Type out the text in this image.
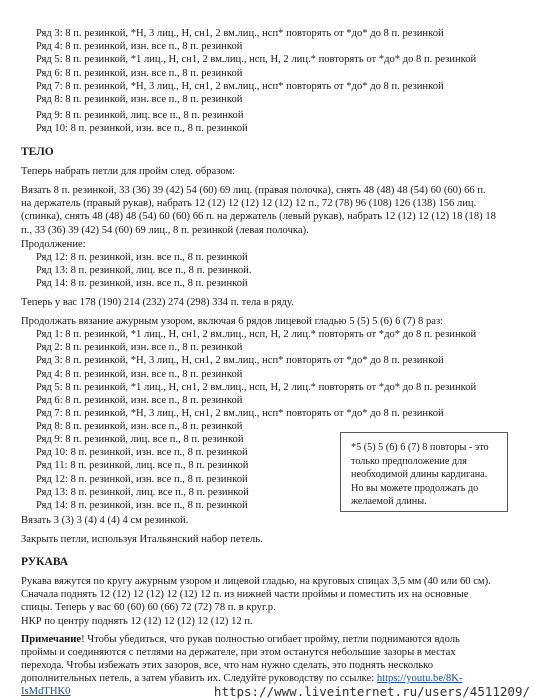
Ряд 3: 8 п. резинкой, *Н, 3 лиц., Н, сн1, 2 вм.лиц., нсп* повторять от *до* до 8 п. резинкой
Ряд 4: 8 п. резинкой, изн. все п., 8 п. резинкой
Ряд 5: 8 п. резинкой, *1 лиц., Н, сн1, 2 вм.лиц., нсп, Н, 2 лиц.* повторять от *до* до 8 п. резинкой
Ряд 6: 8 п. резинкой, изн. все п., 8 п. резинкой
Ряд 7: 8 п. резинкой, *Н, 3 лиц., Н, сн1, 2 вм.лиц., нсп* повторять от *до* до 8 п. резинкой
Ряд 8: 8 п. резинкой, изн. все п., 8 п. резинкой
Ряд 9: 8 п. резинкой, лиц. все п., 8 п. резинкой
Ряд 10: 8 п. резинкой, изн. все п., 8 п. резинкой
ТЕЛО
Теперь набрать петли для пройм след. образом:
Вязать 8 п. резинкой, 33 (36) 39 (42) 54 (60) 69 лиц. (правая полочка), снять 48 (48) 48 (54) 60 (60) 66 п.
на держатель (правый рукав), набрать 12 (12) 12 (12) 12 (12) 12 п., 72 (78) 96 (108) 126 (138) 156 лиц.
(спинка), снять 48 (48) 48 (54) 60 (60) 66 п. на держатель (левый рукав), набрать 12 (12) 12 (12) 18 (18) 18
п., 33 (36) 39 (42) 54 (60) 69 лиц., 8 п. резинкой (левая полочка).
Продолжение:
Ряд 12: 8 п. резинкой, изн. все п., 8 п. резинкой
Ряд 13: 8 п. резинкой, лиц. все п., 8 п. резинкой.
Ряд 14: 8 п. резинкой, изн. все п., 8 п. резинкой
Теперь у вас 178 (190) 214 (232) 274 (298) 334 п. тела в ряду.
Продолжать вязание ажурным узором, включая 6 рядов лицевой гладью 5 (5) 5 (6) 6 (7) 8 раз:
Ряд 1: 8 п. резинкой, *1 лиц., Н, сн1, 2 вм.лиц., нсп, Н, 2 лиц.* повторять от *до* до 8 п. резинкой
Ряд 2: 8 п. резинкой, изн. все п., 8 п. резинкой
Ряд 3: 8 п. резинкой, *Н, 3 лиц., Н, сн1, 2 вм.лиц., нсп* повторять от *до* до 8 п. резинкой
Ряд 4: 8 п. резинкой, изн. все п., 8 п. резинкой
Ряд 5: 8 п. резинкой, *1 лиц., Н, сн1, 2 вм.лиц., нсп, Н, 2 лиц.* повторять от *до* до 8 п. резинкой
Ряд 6: 8 п. резинкой, изн. все п., 8 п. резинкой
Ряд 7: 8 п. резинкой, *Н, 3 лиц., Н, сн1, 2 вм.лиц., нсп* повторять от *до* до 8 п. резинкой
Ряд 8: 8 п. резинкой, изн. все п., 8 п. резинкой
Ряд 9: 8 п. резинкой, лиц. все п., 8 п. резинкой
Ряд 10: 8 п. резинкой, изн. все п., 8 п. резинкой
Ряд 11: 8 п. резинкой, лиц. все п., 8 п. резинкой
Ряд 12: 8 п. резинкой, изн. все п., 8 п. резинкой
Ряд 13: 8 п. резинкой, лиц. все п., 8 п. резинкой
Ряд 14: 8 п. резинкой, изн. все п., 8 п. резинкой
*5 (5) 5 (6) 6 (7) 8 повторы - это
только предположение для
необходимой длины кардигана.
Но вы можете продолжать до
желаемой длины.
Вязать 3 (3) 3 (4) 4 (4) 4 см резинкой.
Закрыть петли, используя Итальянский набор петель.
РУКАВА
Рукава вяжутся по кругу ажурным узором и лицевой гладью, на круговых спицах 3,5 мм (40 или 60 см).
Сначала поднять 12 (12) 12 (12) 12 (12) 12 п. из нижней части проймы и поместить их на основные
спицы. Теперь у вас 60 (60) 60 (66) 72 (72) 78 п. в круг.р.
НКР по центру поднять 12 (12) 12 (12) 12 (12) 12 п.
Примечание! Чтобы убедиться, что рукав полностью огибает пройму, петли поднимаются вдоль
проймы и соединяются с петлями на держателе, при этом останутся небольшие зазоры в местах
перехода. Чтобы избежать этих зазоров, все, что нам нужно сделать, это поднять несколько
дополнительных петель, а затем убавить их. Следуйте руководству по ссылке: https://youtu.be/8K-
IsMdTHK0	https://www.liveinternet.ru/users/4511209/
